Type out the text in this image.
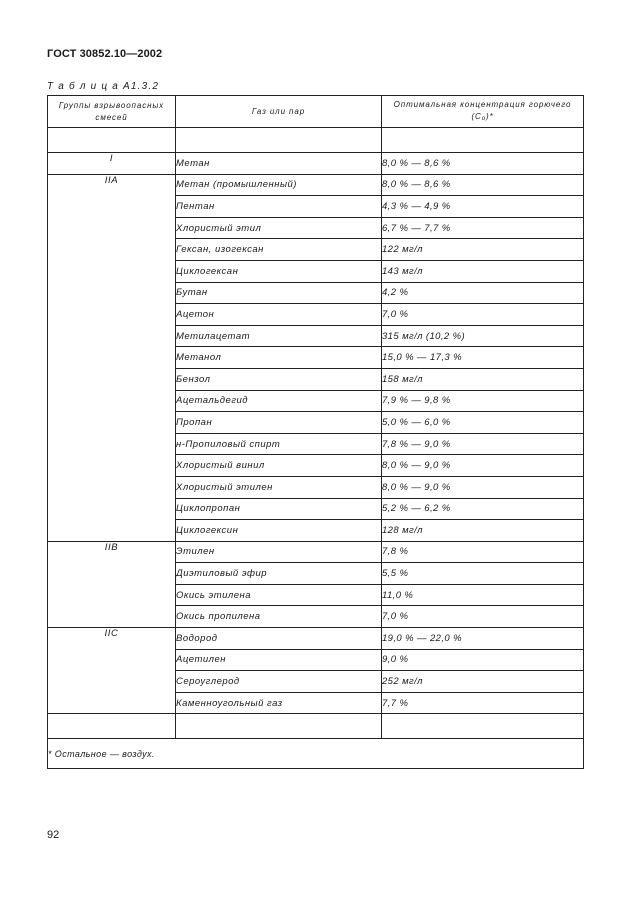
ГОСТ 30852.10—2002
Т а б л и ц а А1.3.2
Группы взрывоопасных смесей	Газ или пар	Оптимальная концентрация горючего $(C_о)*$

I	Метан	8,0 % — 8,6 %
IIA	Метан (промышленный)	8,0 % — 8,6 %
	Пентан	4,3 % — 4,9 %
	Хлористый этил	6,7 % — 7,7 %
	Гексан, изогексан	122 мг/л
	Циклогексан	143 мг/л
	Бутан	4,2 %
	Ацетон	7,0 %
	Метилацетат	315 мг/л (10,2 %)
	Метанол	15,0 % — 17,3 %
	Бензол	158 мг/л
	Ацетальдегид	7,9 % — 9,8 %
	Пропан	5,0 % — 6,0 %
	н-Пропиловый спирт	7,8 % — 9,0 %
	Хлористый винил	8,0 % — 9,0 %
	Хлористый этилен	8,0 % — 9,0 %
	Циклопропан	5,2 % — 6,2 %
	Циклогексин	128 мг/л
IIB	Этилен	7,8 %
	Диэтиловый эфир	5,5 %
	Окись этилена	11,0 %
	Окись пропилена	7,0 %
IIC	Водород	19,0 % — 22,0 %
	Ацетилен	9,0 %
	Сероуглерод	252 мг/л
	Каменноугольный газ	7,7 %

* Остальное — воздух.		
92
